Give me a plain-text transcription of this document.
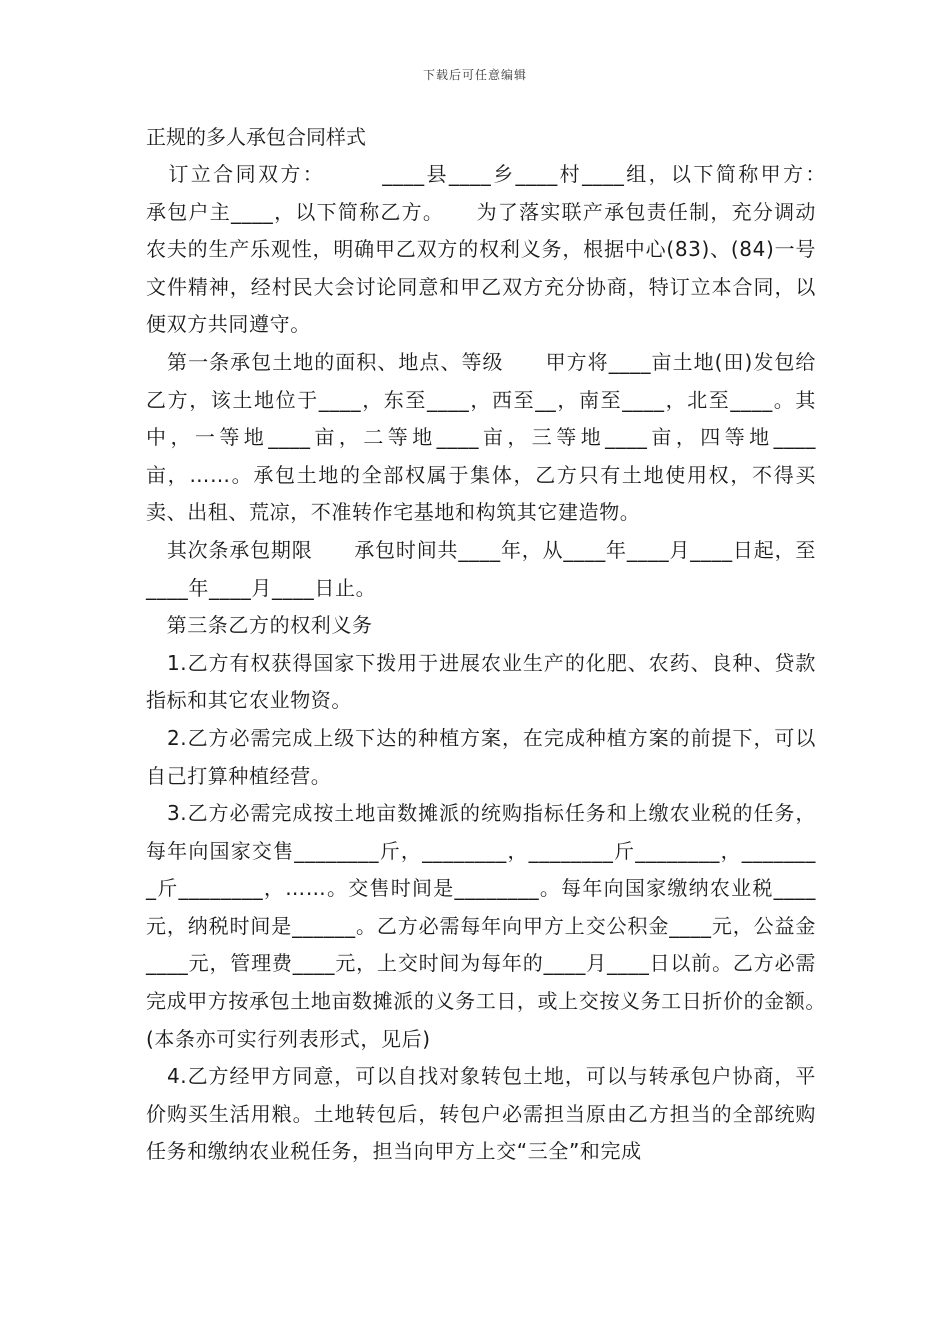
下载后可任意编辑
正规的多人承包合同样式
　订立合同双方：　　　____县____乡____村____组，以下简称甲方：　　承包户主____，以下简称乙方。　　为了落实联产承包责任制，充分调动农夫的生产乐观性，明确甲乙双方的权利义务，根据中心(83)、(84)一号文件精神，经村民大会讨论同意和甲乙双方充分协商，特订立本合同，以便双方共同遵守。
　第一条承包土地的面积、地点、等级　　甲方将____亩土地(田)发包给乙方，该土地位于____，东至____，西至__，南至____，北至____。其中，一等地____亩，二等地____亩，三等地____亩，四等地____亩，……。承包土地的全部权属于集体，乙方只有土地使用权，不得买卖、出租、荒凉，不准转作宅基地和构筑其它建造物。
　其次条承包期限　　承包时间共____年，从____年____月____日起，至____年____月____日止。
　第三条乙方的权利义务
　1.乙方有权获得国家下拨用于进展农业生产的化肥、农药、良种、贷款指标和其它农业物资。
　2.乙方必需完成上级下达的种植方案，在完成种植方案的前提下，可以自己打算种植经营。
　3.乙方必需完成按土地亩数摊派的统购指标任务和上缴农业税的任务，每年向国家交售________斤，________，________斤________，________斤________，……。交售时间是________。每年向国家缴纳农业税____元，纳税时间是______。乙方必需每年向甲方上交公积金____元，公益金____元，管理费____元，上交时间为每年的____月____日以前。乙方必需完成甲方按承包土地亩数摊派的义务工日，或上交按义务工日折价的金额。　　(本条亦可实行列表形式，见后)
　4.乙方经甲方同意，可以自找对象转包土地，可以与转承包户协商，平价购买生活用粮。土地转包后，转包户必需担当原由乙方担当的全部统购任务和缴纳农业税任务，担当向甲方上交“三全”和完成
